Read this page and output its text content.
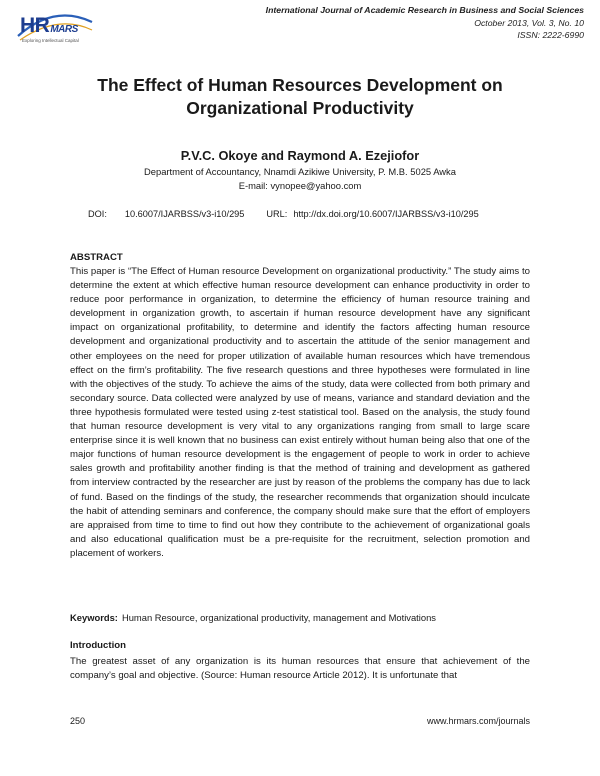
HRMARS
Exploring Intellectual Capital
International Journal of Academic Research in Business and Social Sciences
October 2013, Vol. 3, No. 10
ISSN: 2222-6990
The Effect of Human Resources Development on
Organizational Productivity
P.V.C. Okoye and Raymond A. Ezejiofor
Department of Accountancy, Nnamdi Azikiwe University, P. M.B. 5025 Awka
E-mail: vynopee@yahoo.com
DOI: 10.6007/IJARBSS/v3-i10/295 URL: http://dx.doi.org/10.6007/IJARBSS/v3-i10/295
ABSTRACT
This paper is “The Effect of Human resource Development on organizational productivity.” The study aims to determine the extent at which effective human resource development can enhance productivity in order to reduce poor performance in organization, to determine the efficiency of human resource training and development in organization growth, to ascertain if human resource development have any significant impact on organizational profitability, to determine and identify the factors affecting human resource development and organizational productivity and to ascertain the attitude of the senior management and other employees on the need for proper utilization of available human resources which have tremendous effect on the firm’s profitability. The five research questions and three hypotheses were formulated in line with the objectives of the study. To achieve the aims of the study, data were collected from both primary and secondary source. Data collected were analyzed by use of means, variance and standard deviation and the three hypothesis formulated were tested using z-test statistical tool. Based on the analysis, the study found that human resource development is very vital to any organizations ranging from small to large scare enterprise since it is well known that no business can exist entirely without human being also that one of the major functions of human resource development is the engagement of people to work in order to achieve sales growth and profitability another finding is that the method of training and development as gathered from interview contracted by the researcher are just by reason of the problems the company has due to lack of fund. Based on the findings of the study, the researcher recommends that organization should inculcate the habit of attending seminars and conference, the company should make sure that the effort of employers are appraised from time to time to find out how they contribute to the achievement of organizational goals and also educational qualification must be a pre-requisite for the recruitment, selection promotion and placement of workers.
Keywords: Human Resource, organizational productivity, management and Motivations
Introduction
The greatest asset of any organization is its human resources that ensure that achievement of the company’s goal and objective. (Source: Human resource Article 2012). It is unfortunate that
250	www.hrmars.com/journals
